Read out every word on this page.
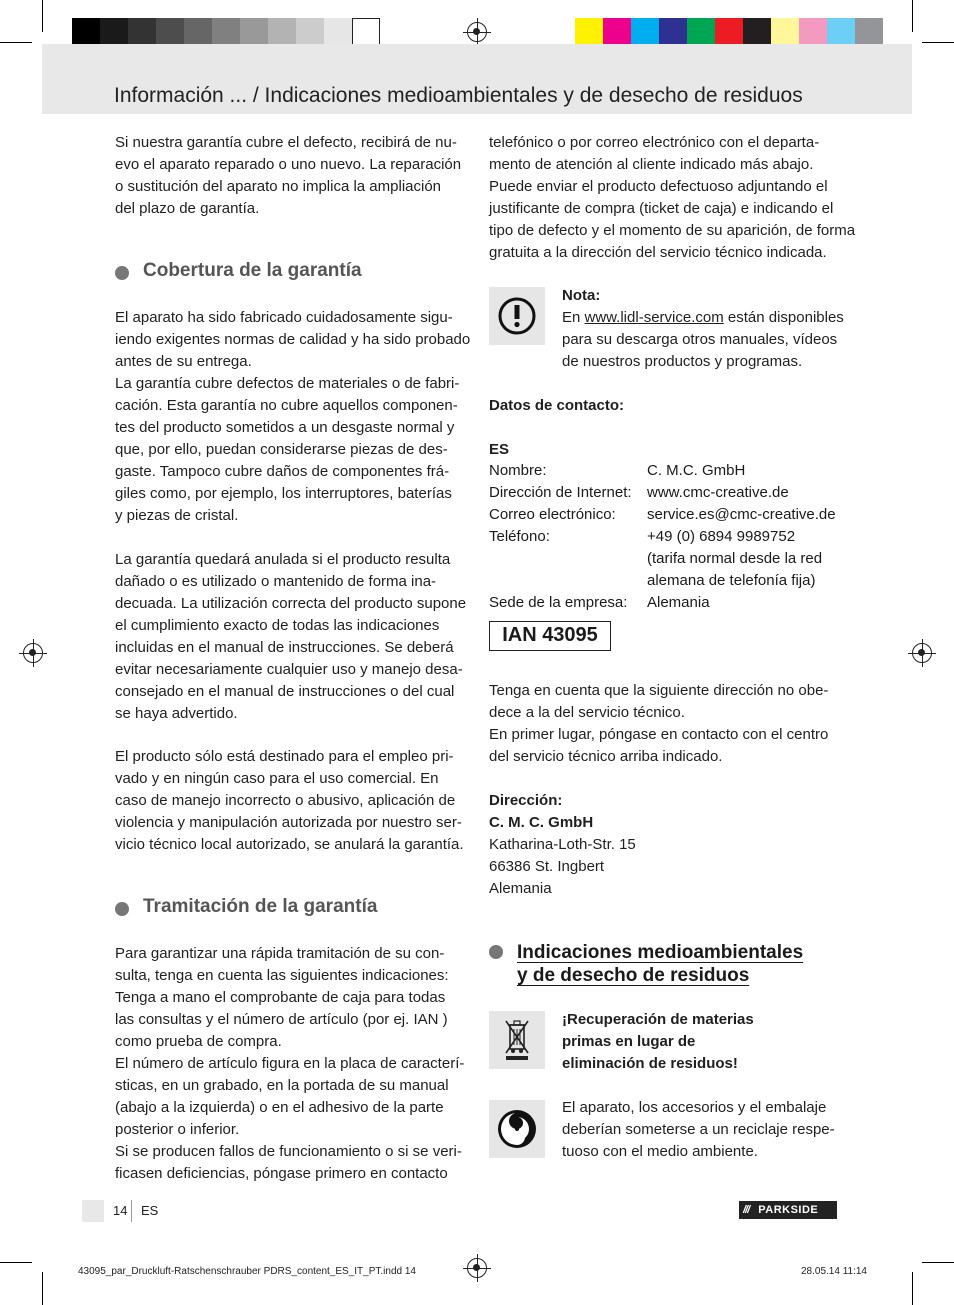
Información ... / Indicaciones medioambientales y de desecho de residuos
Si nuestra garantía cubre el defecto, recibirá de nu-
evo el aparato reparado o uno nuevo. La reparación
o sustitución del aparato no implica la ampliación
del plazo de garantía.
Cobertura de la garantía
El aparato ha sido fabricado cuidadosamente sigu-
iendo exigentes normas de calidad y ha sido probado
antes de su entrega.
La garantía cubre defectos de materiales o de fabri-
cación. Esta garantía no cubre aquellos componen-
tes del producto sometidos a un desgaste normal y
que, por ello, puedan considerarse piezas de des-
gaste. Tampoco cubre daños de componentes frá-
giles como, por ejemplo, los interruptores, baterías
y piezas de cristal.
La garantía quedará anulada si el producto resulta
dañado o es utilizado o mantenido de forma ina-
decuada. La utilización correcta del producto supone
el cumplimiento exacto de todas las indicaciones
incluidas en el manual de instrucciones. Se deberá
evitar necesariamente cualquier uso y manejo desa-
consejado en el manual de instrucciones o del cual
se haya advertido.
El producto sólo está destinado para el empleo pri-
vado y en ningún caso para el uso comercial. En
caso de manejo incorrecto o abusivo, aplicación de
violencia y manipulación autorizada por nuestro ser-
vicio técnico local autorizado, se anulará la garantía.
Tramitación de la garantía
Para garantizar una rápida tramitación de su con-
sulta, tenga en cuenta las siguientes indicaciones:
Tenga a mano el comprobante de caja para todas
las consultas y el número de artículo (por ej. IAN )
como prueba de compra.
El número de artículo figura en la placa de caracterí-
sticas, en un grabado, en la portada de su manual
(abajo a la izquierda) o en el adhesivo de la parte
posterior o inferior.
Si se producen fallos de funcionamiento o si se veri-
ficasen deficiencias, póngase primero en contacto
telefónico o por correo electrónico con el departa-
mento de atención al cliente indicado más abajo.
Puede enviar el producto defectuoso adjuntando el
justificante de compra (ticket de caja) e indicando el
tipo de defecto y el momento de su aparición, de forma
gratuita a la dirección del servicio técnico indicada.
Nota:
En www.lidl-service.com están disponibles
para su descarga otros manuales, vídeos
de nuestros productos y programas.
Datos de contacto:
ES
Nombre:	C. M.C. GmbH
Dirección de Internet: www.cmc-creative.de
Correo electrónico: service.es@cmc-creative.de
Teléfono:	+49 (0) 6894 9989752
(tarifa normal desde la red
alemana de telefonía fija)
Sede de la empresa: Alemania
IAN 43095
Tenga en cuenta que la siguiente dirección no obe-
dece a la del servicio técnico.
En primer lugar, póngase en contacto con el centro
del servicio técnico arriba indicado.
Dirección:
C. M. C. GmbH
Katharina-Loth-Str. 15
66386 St. Ingbert
Alemania
Indicaciones medioambientales
y de desecho de residuos
¡Recuperación de materias
primas en lugar de
eliminación de residuos!
El aparato, los accesorios y el embalaje
deberían someterse a un reciclaje respe-
tuoso con el medio ambiente.
14 ES	/// PARKSIDE
43095_par_Druckluft-Ratschenschrauber PDRS_content_ES_IT_PT.indd 14	28.05.14 11:14
